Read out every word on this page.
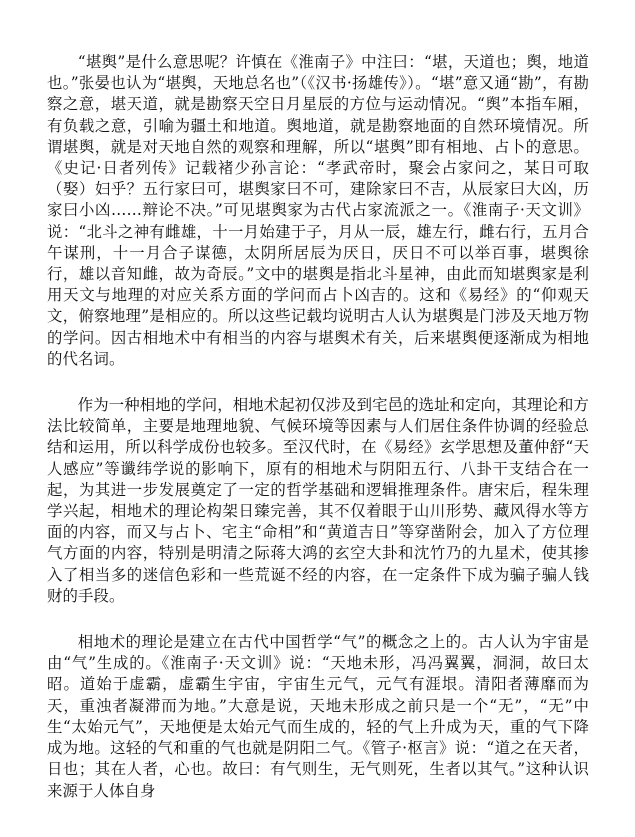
“堪舆”是什么意思呢？许慎在《淮南子》中注曰：“堪，天道也；舆，地道也。”张晏也认为“堪舆，天地总名也”（《汉书·扬雄传》）。“堪”意又通“勘”，有勘察之意，堪天道，就是勘察天空日月星辰的方位与运动情况。“舆”本指车厢，有负载之意，引喻为疆土和地道。舆地道，就是勘察地面的自然环境情况。所谓堪舆，就是对天地自然的观察和理解，所以“堪舆”即有相地、占卜的意思。《史记·日者列传》记载褚少孙言论：“孝武帝时，聚会占家问之，某日可取（娶）妇乎？五行家曰可，堪舆家曰不可，建除家曰不吉，从辰家曰大凶，历家曰小凶……辩论不决。”可见堪舆家为古代占家流派之一。《淮南子·天文训》说：“北斗之神有雌雄，十一月始建于子，月从一辰，雄左行，雌右行，五月合午谋刑，十一月合子谋德，太阴所居辰为厌日，厌日不可以举百事，堪舆徐行，雄以音知雌，故为奇辰。”文中的堪舆是指北斗星神，由此而知堪舆家是利用天文与地理的对应关系方面的学问而占卜凶吉的。这和《易经》的“仰观天文，俯察地理”是相应的。所以这些记载均说明古人认为堪舆是门涉及天地万物的学问。因古相地术中有相当的内容与堪舆术有关，后来堪舆便逐渐成为相地的代名词。

作为一种相地的学问，相地术起初仅涉及到宅邑的选址和定向，其理论和方法比较简单，主要是地理地貌、气候环境等因素与人们居住条件协调的经验总结和运用，所以科学成份也较多。至汉代时，在《易经》玄学思想及董仲舒“天人感应”等谶纬学说的影响下，原有的相地术与阴阳五行、八卦干支结合在一起，为其进一步发展奠定了一定的哲学基础和逻辑推理条件。唐宋后，程朱理学兴起，相地术的理论构架日臻完善，其不仅着眼于山川形势、藏风得水等方面的内容，而又与占卜、宅主“命相”和“黄道吉日”等穿凿附会，加入了方位理气方面的内容，特别是明清之际蒋大鸿的玄空大卦和沈竹乃的九星术，使其掺入了相当多的迷信色彩和一些荒诞不经的内容，在一定条件下成为骗子骗人钱财的手段。

相地术的理论是建立在古代中国哲学“气”的概念之上的。古人认为宇宙是由“气”生成的。《淮南子·天文训》说：“天地未形，冯冯翼翼，洞洞，故曰太昭。道始于虚霸，虚霸生宇宙，宇宙生元气，元气有涯垠。清阳者薄靡而为天，重浊者凝滞而为地。”大意是说，天地未形成之前只是一个“无”，“无”中生“太始元气”，天地便是太始元气而生成的，轻的气上升成为天，重的气下降成为地。这轻的气和重的气也就是阴阳二气。《管子·枢言》说：“道之在天者，日也；其在人者，心也。故曰：有气则生，无气则死，生者以其气。”这种认识来源于人体自身
